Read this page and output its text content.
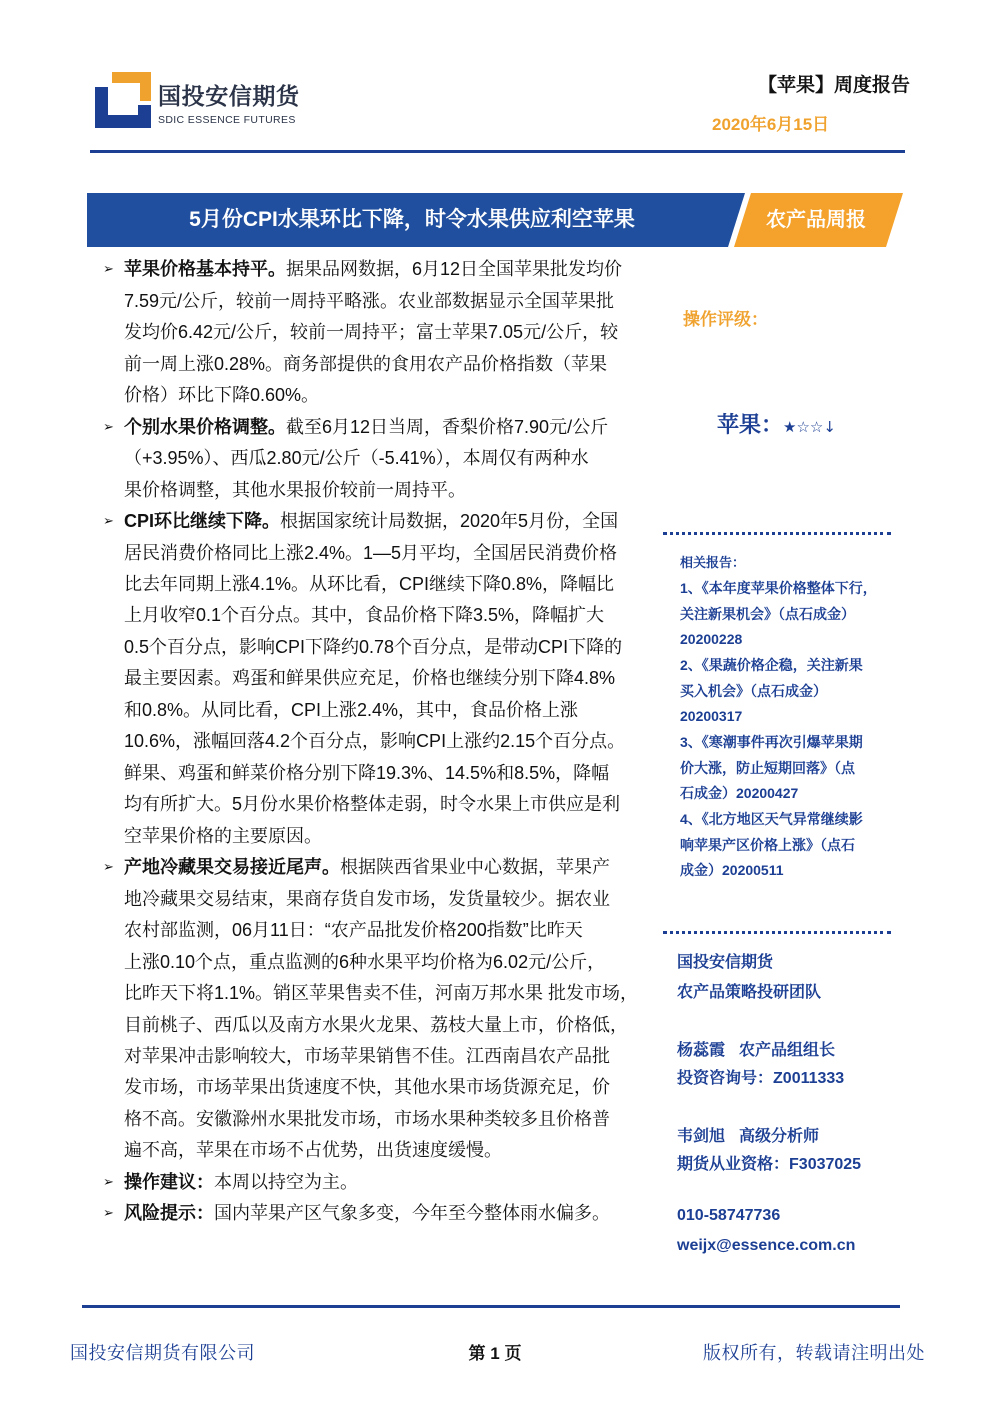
国投安信期货
SDIC ESSENCE FUTURES
【苹果】周度报告
2020年6月15日
5月份CPI水果环比下降，时令水果供应利空苹果	农产品周报
➢
苹果价格基本持平。据果品网数据，6月12日全国苹果批发均价
7.59元/公斤，较前一周持平略涨。农业部数据显示全国苹果批
发均价6.42元/公斤，较前一周持平；富士苹果7.05元/公斤，较
前一周上涨0.28%。商务部提供的食用农产品价格指数（苹果
价格）环比下降0.60%。
➢
个别水果价格调整。截至6月12日当周，香梨价格7.90元/公斤
（+3.95%）、西瓜2.80元/公斤（-5.41%），本周仅有两种水
果价格调整，其他水果报价较前一周持平。
➢
CPI环比继续下降。根据国家统计局数据，2020年5月份，全国
居民消费价格同比上涨2.4%。1—5月平均，全国居民消费价格
比去年同期上涨4.1%。从环比看，CPI继续下降0.8%，降幅比
上月收窄0.1个百分点。其中，食品价格下降3.5%，降幅扩大
0.5个百分点，影响CPI下降约0.78个百分点，是带动CPI下降的
最主要因素。鸡蛋和鲜果供应充足，价格也继续分别下降4.8%
和0.8%。从同比看，CPI上涨2.4%，其中，食品价格上涨
10.6%，涨幅回落4.2个百分点，影响CPI上涨约2.15个百分点。
鲜果、鸡蛋和鲜菜价格分别下降19.3%、14.5%和8.5%，降幅
均有所扩大。5月份水果价格整体走弱，时令水果上市供应是利
空苹果价格的主要原因。
➢
产地冷藏果交易接近尾声。根据陕西省果业中心数据，苹果产
地冷藏果交易结束，果商存货自发市场，发货量较少。据农业
农村部监测，06月11日：“农产品批发价格200指数”比昨天
上涨0.10个点，重点监测的6种水果平均价格为6.02元/公斤，
比昨天下将1.1%。销区苹果售卖不佳，河南万邦水果 批发市场，
目前桃子、西瓜以及南方水果火龙果、荔枝大量上市，价格低，
对苹果冲击影响较大，市场苹果销售不佳。江西南昌农产品批
发市场，市场苹果出货速度不快，其他水果市场货源充足，价
格不高。安徽滁州水果批发市场，市场水果种类较多且价格普
遍不高，苹果在市场不占优势，出货速度缓慢。
➢
操作建议：本周以持空为主。
➢
风险提示：国内苹果产区气象多变，今年至今整体雨水偏多。
操作评级：
苹果：★☆☆↓
相关报告：
1、《本年度苹果价格整体下行，
关注新果机会》（点石成金）
20200228
2、《果蔬价格企稳，关注新果
买入机会》（点石成金）
20200317
3、《寒潮事件再次引爆苹果期
价大涨，防止短期回落》（点
石成金）20200427
4、《北方地区天气异常继续影
响苹果产区价格上涨》（点石
成金）20200511
国投安信期货
农产品策略投研团队
杨蕊霞 农产品组组长
投资咨询号：Z0011333
韦剑旭 高级分析师
期货从业资格：F3037025
010-58747736
weijx@essence.com.cn
国投安信期货有限公司	第 1 页	版权所有，转载请注明出处
